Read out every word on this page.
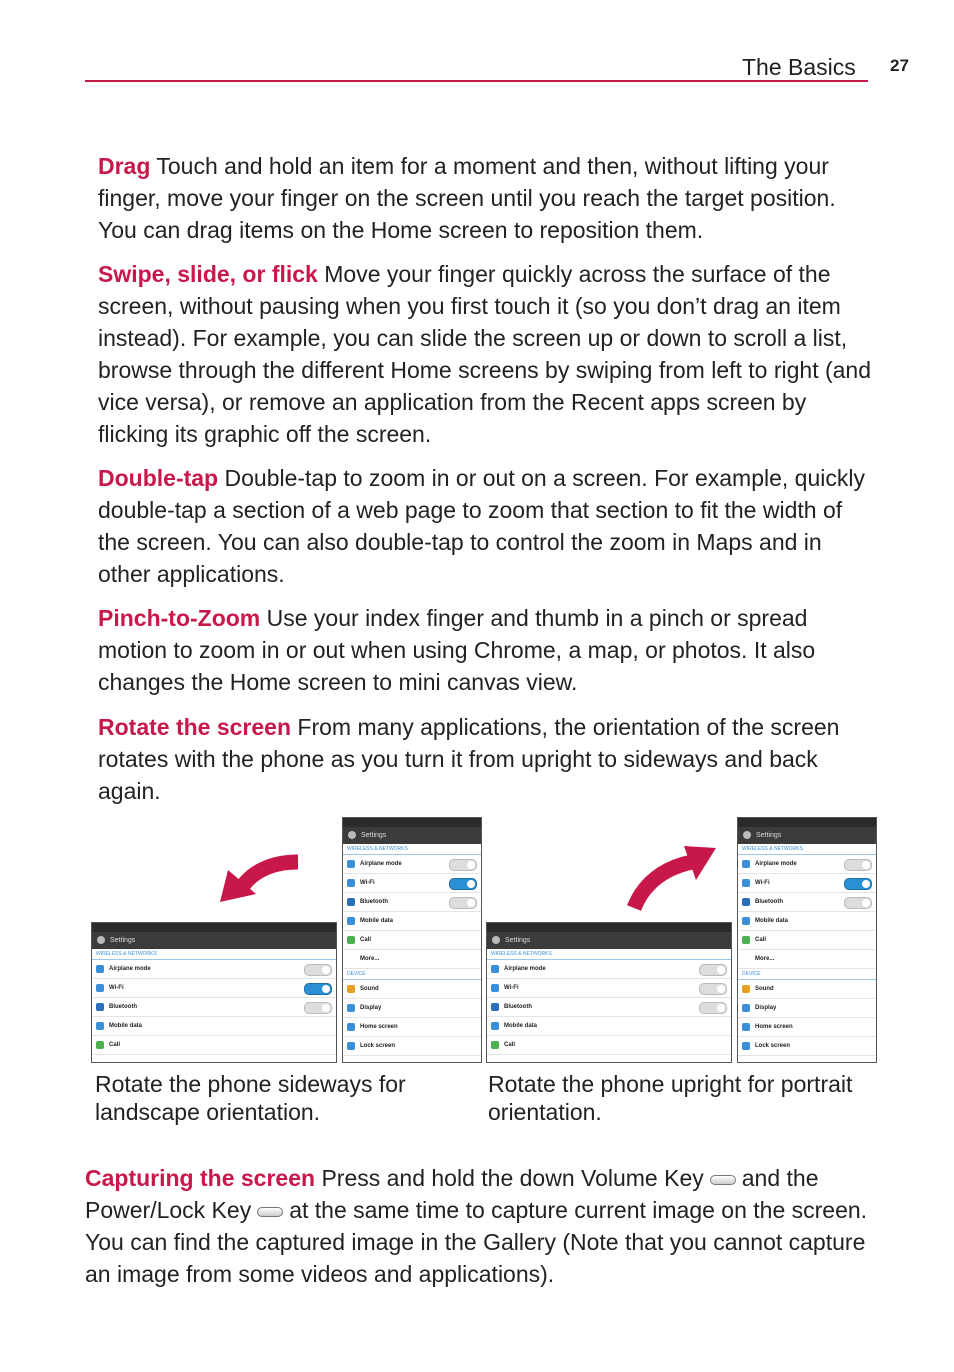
The Basics 27

Drag Touch and hold an item for a moment and then, without lifting your finger, move your finger on the screen until you reach the target position. You can drag items on the Home screen to reposition them.

Swipe, slide, or flick Move your finger quickly across the surface of the screen, without pausing when you first touch it (so you don’t drag an item instead). For example, you can slide the screen up or down to scroll a list, browse through the different Home screens by swiping from left to right (and vice versa), or remove an application from the Recent apps screen by flicking its graphic off the screen.

Double-tap Double-tap to zoom in or out on a screen. For example, quickly double-tap a section of a web page to zoom that section to fit the width of the screen. You can also double-tap to control the zoom in Maps and in other applications.

Pinch-to-Zoom Use your index finger and thumb in a pinch or spread motion to zoom in or out when using Chrome, a map, or photos. It also changes the Home screen to mini canvas view.

Rotate the screen From many applications, the orientation of the screen rotates with the phone as you turn it from upright to sideways and back again.

Settings
WIRELESS & NETWORKS
Airplane mode
Wi-Fi
Bluetooth
Mobile data
Call
Settings
WIRELESS & NETWORKS
Airplane mode
Wi-Fi
Bluetooth
Mobile data
Call
More...
DEVICE
Sound
Display
Home screen
Lock screen
Settings
WIRELESS & NETWORKS
Airplane mode
Wi-Fi
Bluetooth
Mobile data
Call
Settings
WIRELESS & NETWORKS
Airplane mode
Wi-Fi
Bluetooth
Mobile data
Call
More...
DEVICE
Sound
Display
Home screen
Lock screen

Rotate the phone sideways for landscape orientation.

Rotate the phone upright for portrait orientation.

Capturing the screen Press and hold the down Volume Key and the Power/Lock Key at the same time to capture current image on the screen. You can find the captured image in the Gallery (Note that you cannot capture an image from some videos and applications).
